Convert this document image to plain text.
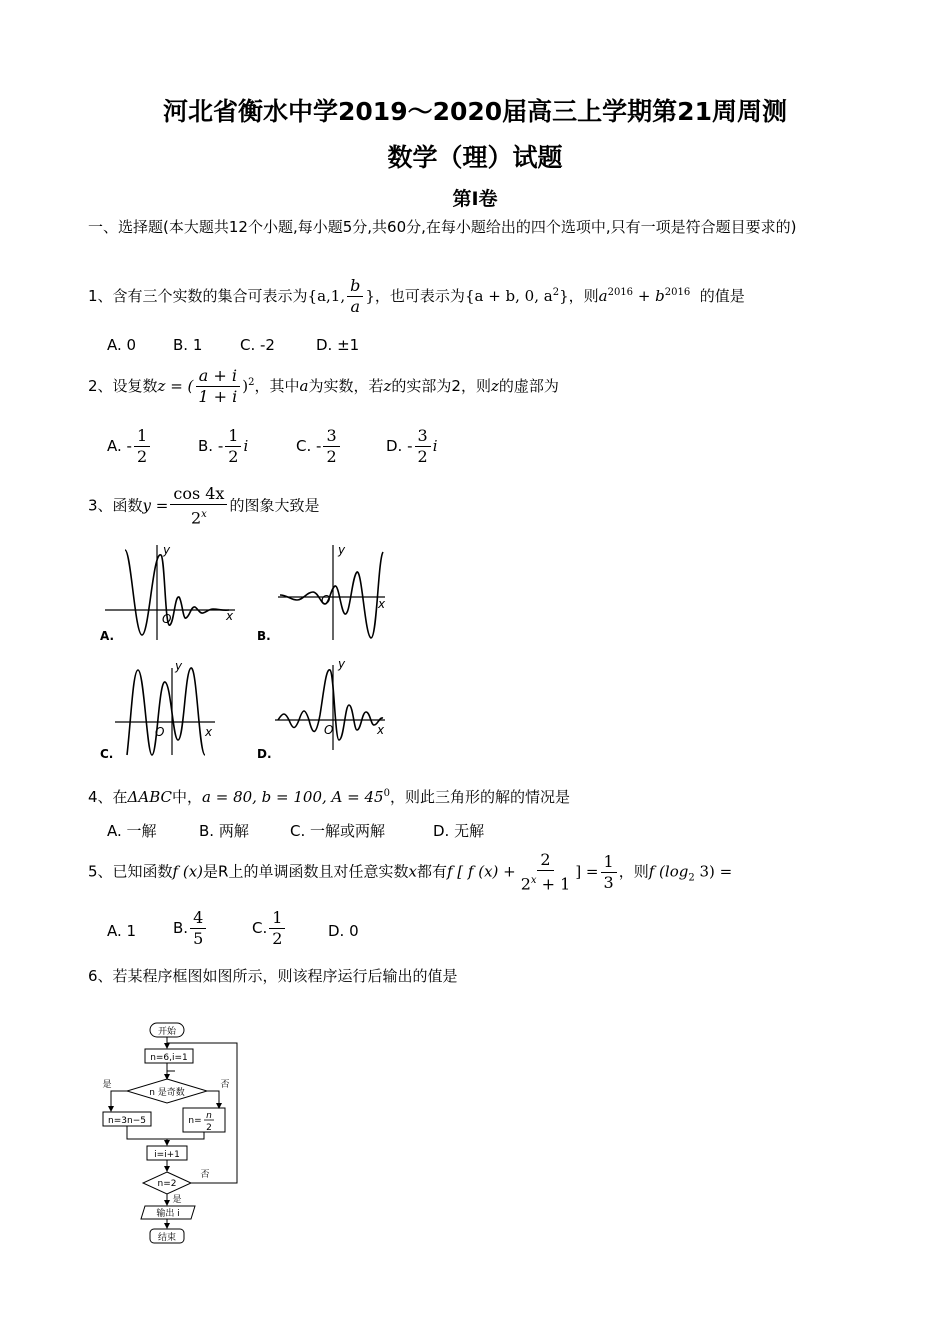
河北省衡水中学2019～2020届高三上学期第21周周测
数学（理）试题
第Ⅰ卷
一、选择题(本大题共12个小题,每小题5分,共60分,在每小题给出的四个选项中,只有一项是符合题目要求的)
1、含有三个实数的集合可表示为{a,1, $\frac{b}{a}$ }，也可表示为{a + b, 0, $a^2$}，则$a^{2016} + b^{2016}$ 的值是
A. 0 B. 1	C. -2	D. ±1
2、设复数z = ( $\frac{a + i}{1 + i} )^2$，其中a为实数，若z的实部为2，则z的虚部为
A. - $\frac{1}{2}$	B. - $\frac{1}{2}$ i	C. - $\frac{3}{2}$	D. - $\frac{3}{2}$ i
3、函数$y = \frac{\cos 4x}{2^x}$ 的图象大致是
y
x
O
A.
y
x
O
B.
y
x
O
C.
y
x
O
D.
4、在ΔABC中，a = 80, b = 100, $A = 45^0$，则此三角形的解的情况是
A. 一解	B. 两解	C. 一解或两解	D. 无解
5、已知函数f (x)是R上的单调函数且对任意实数x都有f [ f $(x) + \frac{2}{2^x + 1}$ ] = $\frac{1}{3}$ ，则f ($\log_2$ 3) =
A. 1 B. $\frac{4}{5}$	C. $\frac{1}{2}$	D. 0
6、若某程序框图如图所示，则该程序运行后输出的值是
开始
n=6,i=1
n 是奇数
是	否
n=3n−5	n= n
2
i=i+1
n=2
否
是
输出 i
结束
